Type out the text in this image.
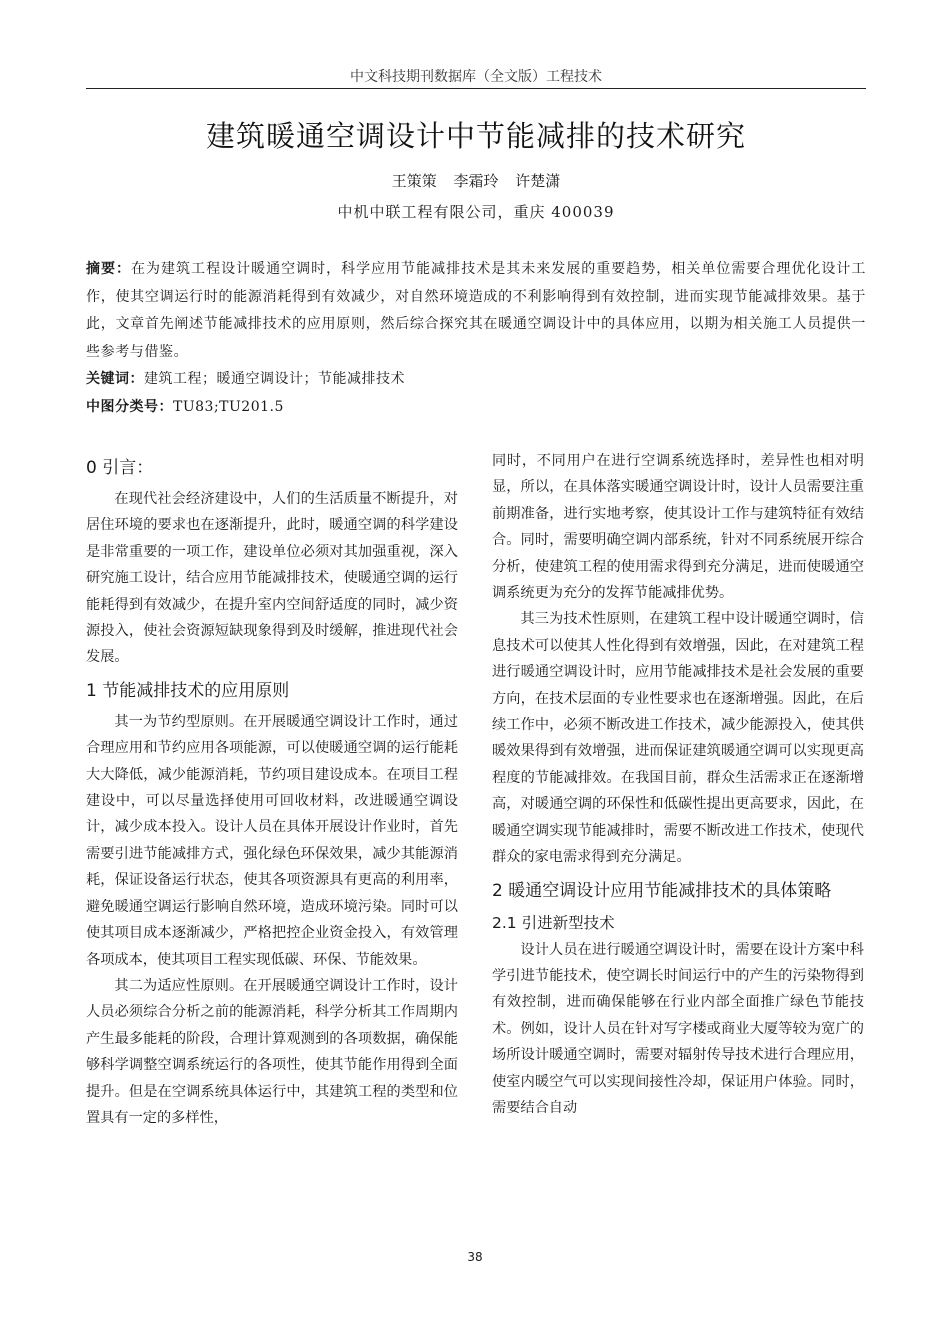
中文科技期刊数据库（全文版）工程技术
建筑暖通空调设计中节能减排的技术研究
王策策 李霜玲 许楚潇
中机中联工程有限公司，重庆 400039
摘要：在为建筑工程设计暖通空调时，科学应用节能减排技术是其未来发展的重要趋势，相关单位需要合理优化设计工作，使其空调运行时的能源消耗得到有效减少，对自然环境造成的不利影响得到有效控制，进而实现节能减排效果。基于此，文章首先阐述节能减排技术的应用原则，然后综合探究其在暖通空调设计中的具体应用，以期为相关施工人员提供一些参考与借鉴。
关键词：建筑工程；暖通空调设计；节能减排技术
中图分类号：TU83;TU201.5
0 引言：

在现代社会经济建设中，人们的生活质量不断提升，对居住环境的要求也在逐渐提升，此时，暖通空调的科学建设是非常重要的一项工作，建设单位必须对其加强重视，深入研究施工设计，结合应用节能减排技术，使暖通空调的运行能耗得到有效减少，在提升室内空间舒适度的同时，减少资源投入，使社会资源短缺现象得到及时缓解，推进现代社会发展。

1 节能减排技术的应用原则

其一为节约型原则。在开展暖通空调设计工作时，通过合理应用和节约应用各项能源，可以使暖通空调的运行能耗大大降低，减少能源消耗，节约项目建设成本。在项目工程建设中，可以尽量选择使用可回收材料，改进暖通空调设计，减少成本投入。设计人员在具体开展设计作业时，首先需要引进节能减排方式，强化绿色环保效果，减少其能源消耗，保证设备运行状态，使其各项资源具有更高的利用率，避免暖通空调运行影响自然环境，造成环境污染。同时可以使其项目成本逐渐减少，严格把控企业资金投入，有效管理各项成本，使其项目工程实现低碳、环保、节能效果。

其二为适应性原则。在开展暖通空调设计工作时，设计人员必须综合分析之前的能源消耗，科学分析其工作周期内产生最多能耗的阶段，合理计算观测到的各项数据，确保能够科学调整空调系统运行的各项性，使其节能作用得到全面提升。但是在空调系统具体运行中，其建筑工程的类型和位置具有一定的多样性，

同时，不同用户在进行空调系统选择时，差异性也相对明显，所以，在具体落实暖通空调设计时，设计人员需要注重前期准备，进行实地考察，使其设计工作与建筑特征有效结合。同时，需要明确空调内部系统，针对不同系统展开综合分析，使建筑工程的使用需求得到充分满足，进而使暖通空调系统更为充分的发挥节能减排优势。

其三为技术性原则，在建筑工程中设计暖通空调时，信息技术可以使其人性化得到有效增强，因此，在对建筑工程进行暖通空调设计时，应用节能减排技术是社会发展的重要方向，在技术层面的专业性要求也在逐渐增强。因此，在后续工作中，必须不断改进工作技术，减少能源投入，使其供暖效果得到有效增强，进而保证建筑暖通空调可以实现更高程度的节能减排效。在我国目前，群众生活需求正在逐渐增高，对暖通空调的环保性和低碳性提出更高要求，因此，在暖通空调实现节能减排时，需要不断改进工作技术，使现代群众的家电需求得到充分满足。

2 暖通空调设计应用节能减排技术的具体策略
2.1 引进新型技术

设计人员在进行暖通空调设计时，需要在设计方案中科学引进节能技术，使空调长时间运行中的产生的污染物得到有效控制，进而确保能够在行业内部全面推广绿色节能技术。例如，设计人员在针对写字楼或商业大厦等较为宽广的场所设计暖通空调时，需要对辐射传导技术进行合理应用，使室内暖空气可以实现间接性冷却，保证用户体验。同时，需要结合自动

38
